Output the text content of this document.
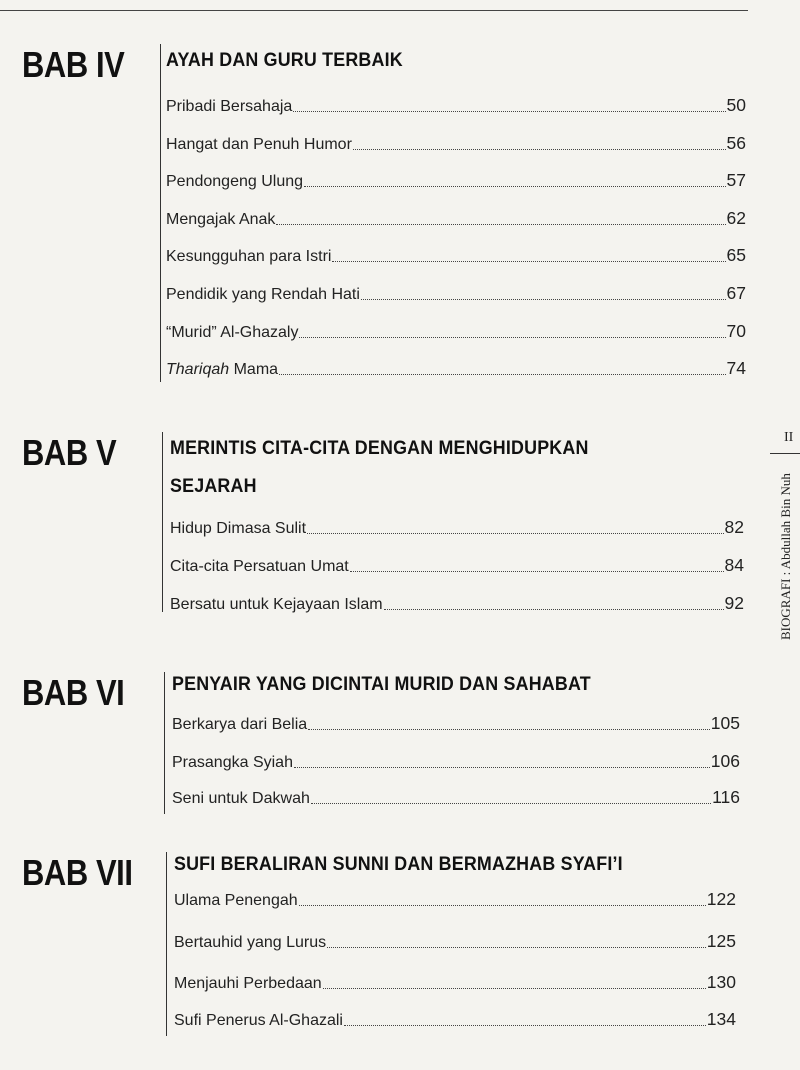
BAB IV AYAH DAN GURU TERBAIK
Pribadi Bersahaja	50
Hangat dan Penuh Humor	56
Pendongeng Ulung	57
Mengajak Anak	62
Kesungguhan para Istri	65
Pendidik yang Rendah Hati	67
“Murid” Al-Ghazaly	70
Thariqah Mama	74
BAB V	MERINTIS CITA-CITA DENGAN MENGHIDUPKAN
SEJARAH
Hidup Dimasa Sulit	82
Cita-cita Persatuan Umat	84
Bersatu untuk Kejayaan Islam	92
BAB VI	PENYAIR YANG DICINTAI MURID DAN SAHABAT
Berkarya dari Belia	105
Prasangka Syiah	106
Seni untuk Dakwah	116
BAB VII SUFI BERALIRAN SUNNI DAN BERMAZHAB SYAFI’I
Ulama Penengah	122
Bertauhid yang Lurus	125
Menjauhi Perbedaan	130
Sufi Penerus Al-Ghazali	134
II
BIOGRAFI : Abdullah Bin Nuh
